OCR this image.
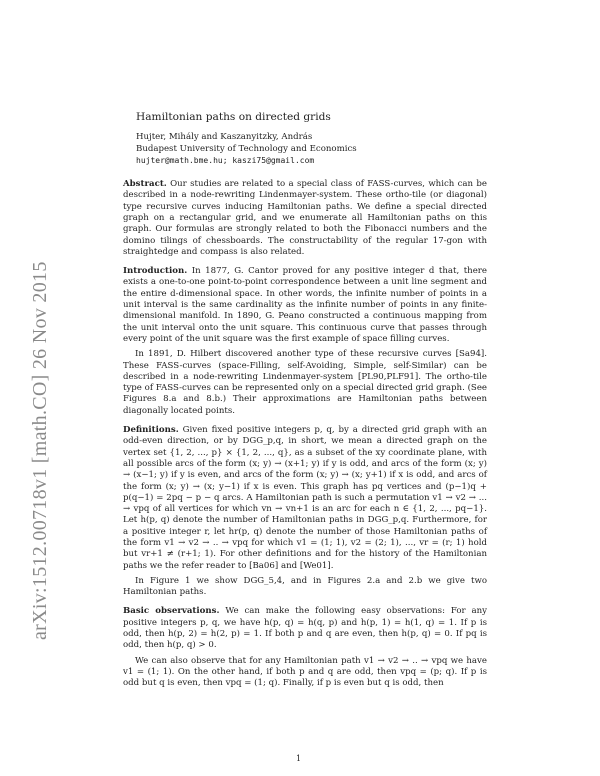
arXiv:1512.00718v1 [math.CO] 26 Nov 2015
Hamiltonian paths on directed grids
Hujter, Mihály and Kaszanyitzky, András
Budapest University of Technology and Economics
hujter@math.bme.hu; kaszi75@gmail.com

Abstract. Our studies are related to a special class of FASS-curves, which can be described in a node-rewriting Lindenmayer-system. These ortho-tile (or diagonal) type recursive curves inducing Hamiltonian paths. We define a special directed graph on a rectangular grid, and we enumerate all Hamiltonian paths on this graph. Our formulas are strongly related to both the Fibonacci numbers and the domino tilings of chessboards. The constructability of the regular 17-gon with straightedge and compass is also related.

Introduction. In 1877, G. Cantor proved for any positive integer d that, there exists a one-to-one point-to-point correspondence between a unit line segment and the entire d-dimensional space. In other words, the infinite number of points in a unit interval is the same cardinality as the infinite number of points in any finite-dimensional manifold. In 1890, G. Peano constructed a continuous mapping from the unit interval onto the unit square. This continuous curve that passes through every point of the unit square was the first example of space filling curves.

In 1891, D. Hilbert discovered another type of these recursive curves [Sa94]. These FASS-curves (space-Filling, self-Avoiding, Simple, self-Similar) can be described in a node-rewriting Lindenmayer-system [PL90,PLF91]. The ortho-tile type of FASS-curves can be represented only on a special directed grid graph. (See Figures 8.a and 8.b.) Their approximations are Hamiltonian paths between diagonally located points.

Definitions. Given fixed positive integers p, q, by a directed grid graph with an odd-even direction, or by DGG_p,q, in short, we mean a directed graph on the vertex set {1, 2, ..., p} × {1, 2, ..., q}, as a subset of the xy coordinate plane, with all possible arcs of the form (x; y) → (x+1; y) if y is odd, and arcs of the form (x; y) → (x−1; y) if y is even, and arcs of the form (x; y) → (x; y+1) if x is odd, and arcs of the form (x; y) → (x; y−1) if x is even. This graph has pq vertices and (p−1)q + p(q−1) = 2pq − p − q arcs. A Hamiltonian path is such a permutation v1 → v2 → ... → vpq of all vertices for which vn → vn+1 is an arc for each n ∈ {1, 2, ..., pq−1}. Let h(p, q) denote the number of Hamiltonian paths in DGG_p,q. Furthermore, for a positive integer r, let hr(p, q) denote the number of those Hamiltonian paths of the form v1 → v2 → .. → vpq for which v1 = (1; 1), v2 = (2; 1), ..., vr = (r; 1) hold but vr+1 ≠ (r+1; 1). For other definitions and for the history of the Hamiltonian paths we the refer reader to [Ba06] and [We01].

In Figure 1 we show DGG_5,4, and in Figures 2.a and 2.b we give two Hamiltonian paths.

Basic observations. We can make the following easy observations: For any positive integers p, q, we have h(p, q) = h(q, p) and h(p, 1) = h(1, q) = 1. If p is odd, then h(p, 2) = h(2, p) = 1. If both p and q are even, then h(p, q) = 0. If pq is odd, then h(p, q) > 0.

We can also observe that for any Hamiltonian path v1 → v2 → .. → vpq we have v1 = (1; 1). On the other hand, if both p and q are odd, then vpq = (p; q). If p is odd but q is even, then vpq = (1; q). Finally, if p is even but q is odd, then

1
